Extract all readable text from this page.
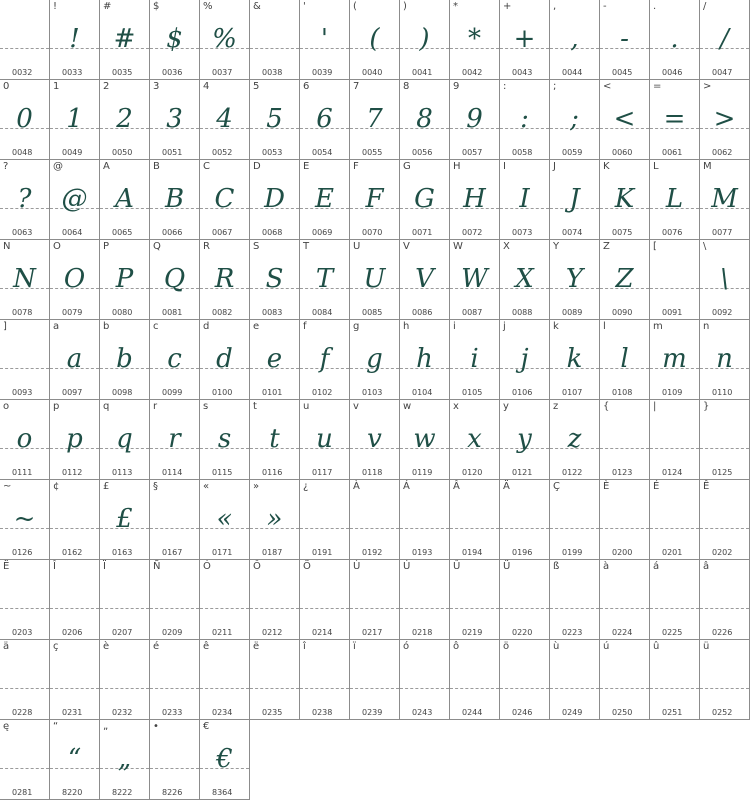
0032
!
!
0033
#
#
0035
$
$
0036
%
%
0037
&
0038
'
'
0039
(
(
0040
)
)
0041
*
*
0042
+
+
0043
,
,
0044
-
-
0045
.
.
0046
/
/
0047
0
0
0048
1
1
0049
2
2
0050
3
3
0051
4
4
0052
5
5
0053
6
6
0054
7
7
0055
8
8
0056
9
9
0057
:
:
0058
;
;
0059
<
<
0060
=
=
0061
>
>
0062
?
?
0063
@
@
0064
A
A
0065
B
B
0066
C
C
0067
D
D
0068
E
E
0069
F
F
0070
G
G
0071
H
H
0072
I
I
0073
J
J
0074
K
K
0075
L
L
0076
M
M
0077
N
N
0078
O
O
0079
P
P
0080
Q
Q
0081
R
R
0082
S
S
0083
T
T
0084
U
U
0085
V
V
0086
W
W
0087
X
X
0088
Y
Y
0089
Z
Z
0090
[
0091
\
\
0092
]
0093
a
a
0097
b
b
0098
c
c
0099
d
d
0100
e
e
0101
f
f
0102
g
g
0103
h
h
0104
i
i
0105
j
j
0106
k
k
0107
l
l
0108
m
m
0109
n
n
0110
o
o
0111
p
p
0112
q
q
0113
r
r
0114
s
s
0115
t
t
0116
u
u
0117
v
v
0118
w
w
0119
x
x
0120
y
y
0121
z
z
0122
{
0123
|
0124
}
0125
~
~
0126
¢
0162
£
£
0163
§
0167
«
«
0171
»
»
0187
¿
0191
À
0192
Á
0193
Â
0194
Ä
0196
Ç
0199
È
0200
É
0201
Ê
0202
Ë
0203
Î
0206
Ï
0207
Ñ
0209
Ó
0211
Ô
0212
Ö
0214
Ù
0217
Ú
0218
Û
0219
Ü
0220
ß
0223
à
0224
á
0225
â
0226
ä
0228
ç
0231
è
0232
é
0233
ê
0234
ë
0235
î
0238
ï
0239
ó
0243
ô
0244
ö
0246
ù
0249
ú
0250
û
0251
ü
0252
ę
0281
“
“
8220
„
„
8222
•
8226
€
€
8364
